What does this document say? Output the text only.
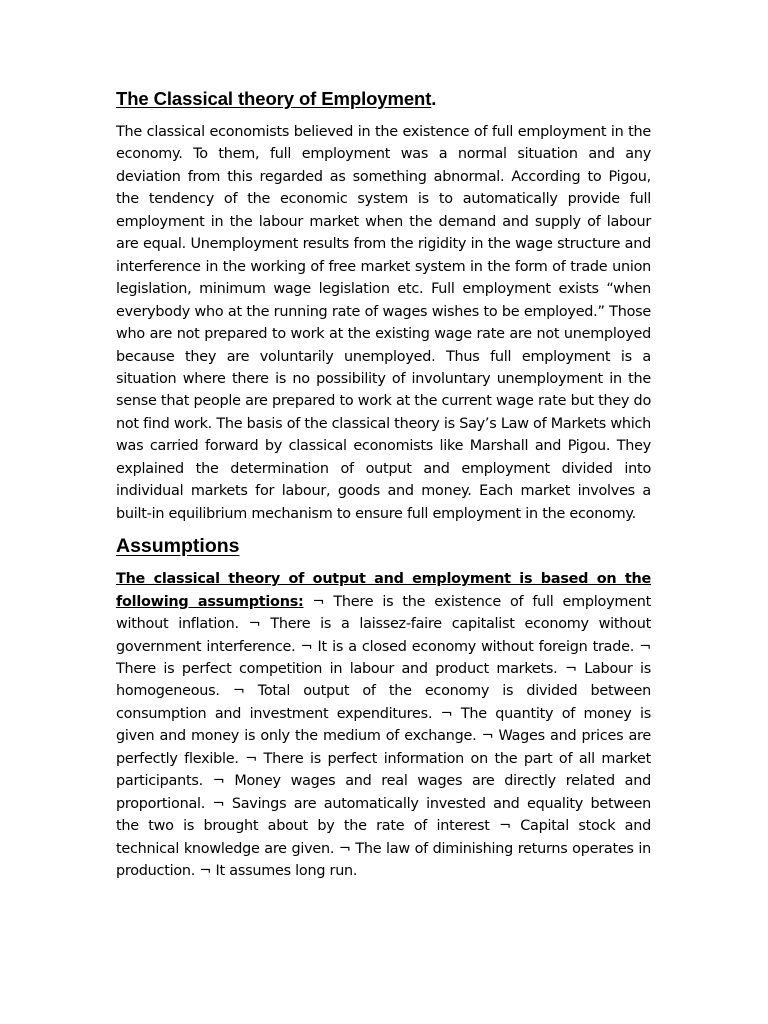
The Classical theory of Employment.

The classical economists believed in the existence of full employment in the economy. To them, full employment was a normal situation and any deviation from this regarded as something abnormal. According to Pigou, the tendency of the economic system is to automatically provide full employment in the labour market when the demand and supply of labour are equal. Unemployment results from the rigidity in the wage structure and interference in the working of free market system in the form of trade union legislation, minimum wage legislation etc. Full employment exists “when everybody who at the running rate of wages wishes to be employed.” Those who are not prepared to work at the existing wage rate are not unemployed because they are voluntarily unemployed. Thus full employment is a situation where there is no possibility of involuntary unemployment in the sense that people are prepared to work at the current wage rate but they do not find work. The basis of the classical theory is Say’s Law of Markets which was carried forward by classical economists like Marshall and Pigou. They explained the determination of output and employment divided into individual markets for labour, goods and money. Each market involves a built-in equilibrium mechanism to ensure full employment in the economy.

Assumptions

The classical theory of output and employment is based on the following assumptions: ¬ There is the existence of full employment without inflation. ¬ There is a laissez-faire capitalist economy without government interference. ¬ It is a closed economy without foreign trade. ¬ There is perfect competition in labour and product markets. ¬ Labour is homogeneous. ¬ Total output of the economy is divided between consumption and investment expenditures. ¬ The quantity of money is given and money is only the medium of exchange. ¬ Wages and prices are perfectly flexible. ¬ There is perfect information on the part of all market participants. ¬ Money wages and real wages are directly related and proportional. ¬ Savings are automatically invested and equality between the two is brought about by the rate of interest ¬ Capital stock and technical knowledge are given. ¬ The law of diminishing returns operates in production. ¬ It assumes long run.
